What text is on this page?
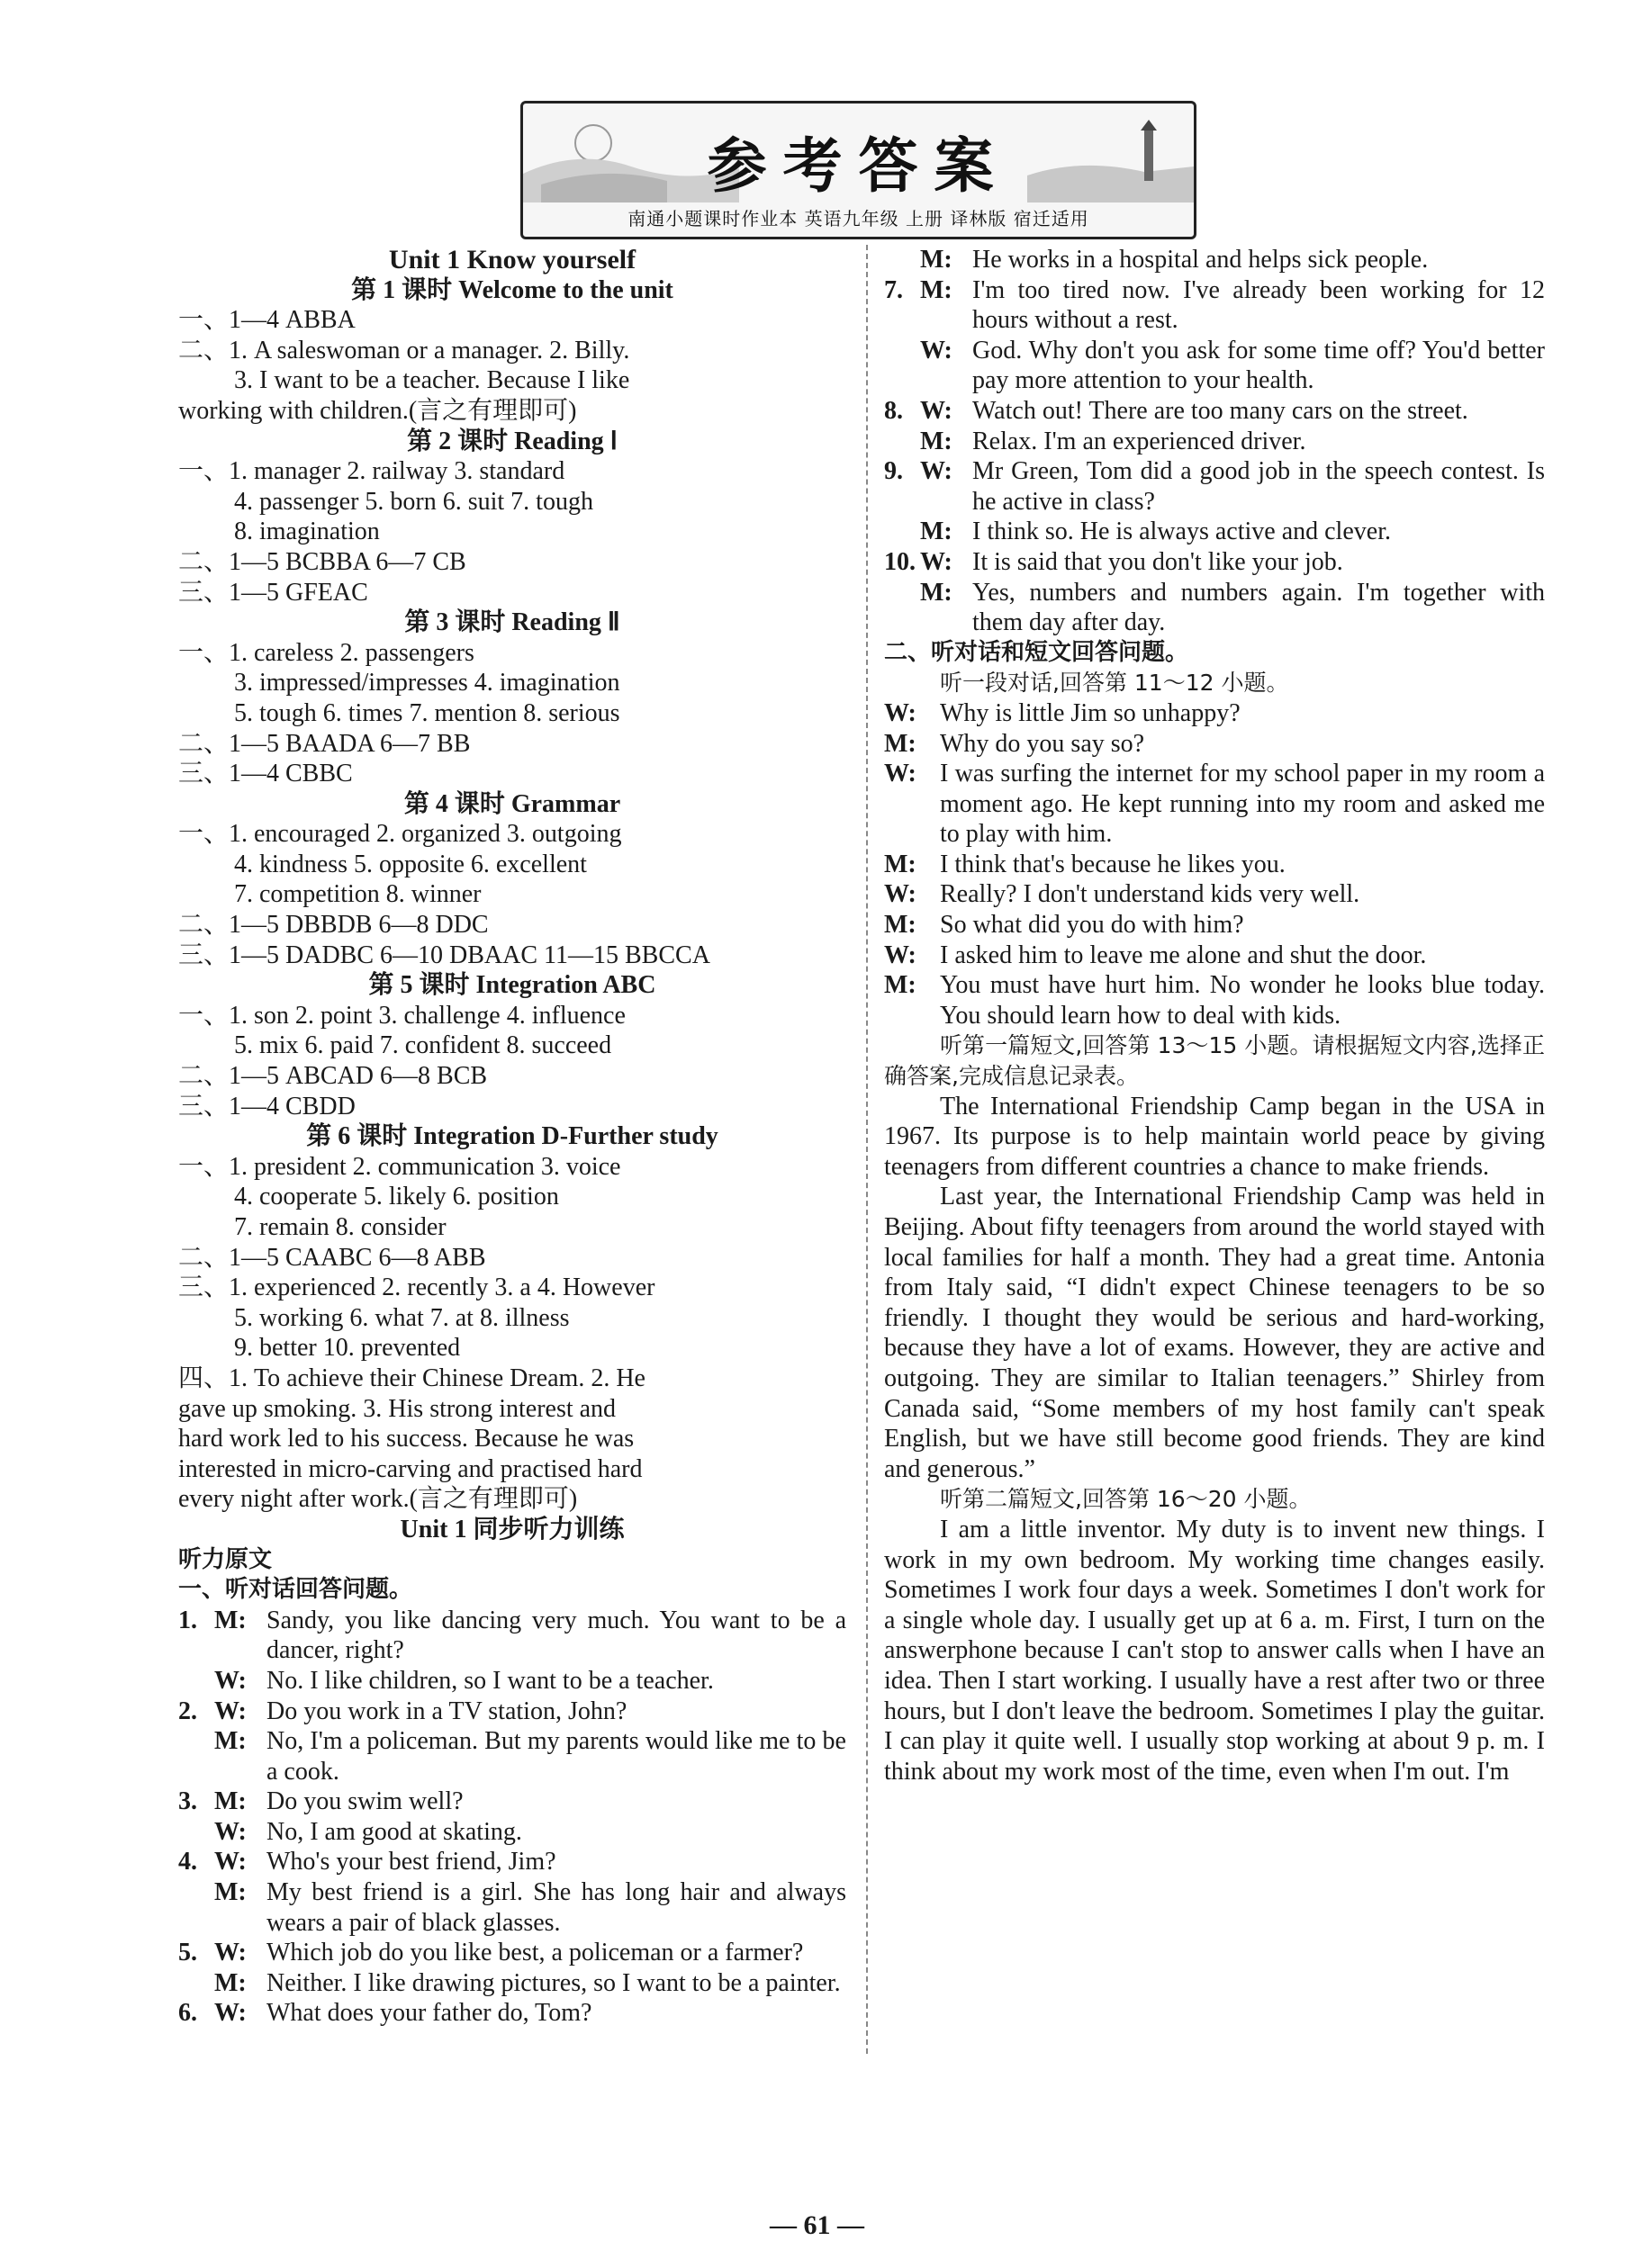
参考答案
南通小题课时作业本 英语九年级 上册 译林版 宿迁适用
Unit 1 Know yourself
第 1 课时 Welcome to the unit
一、1—4 ABBA
二、1. A saleswoman or a manager. 2. Billy.
3. I want to be a teacher. Because I like
working with children.(言之有理即可)
第 2 课时 Reading Ⅰ
一、1. manager 2. railway 3. standard
4. passenger 5. born 6. suit 7. tough
8. imagination
二、1—5 BCBBA 6—7 CB
三、1—5 GFEAC
第 3 课时 Reading Ⅱ
一、1. careless 2. passengers
3. impressed/impresses 4. imagination
5. tough 6. times 7. mention 8. serious
二、1—5 BAADA 6—7 BB
三、1—4 CBBC
第 4 课时 Grammar
一、1. encouraged 2. organized 3. outgoing
4. kindness 5. opposite 6. excellent
7. competition 8. winner
二、1—5 DBBDB 6—8 DDC
三、1—5 DADBC 6—10 DBAAC 11—15 BBCCA
第 5 课时 Integration ABC
一、1. son 2. point 3. challenge 4. influence
5. mix 6. paid 7. confident 8. succeed
二、1—5 ABCAD 6—8 BCB
三、1—4 CBDD
第 6 课时 Integration D-Further study
一、1. president 2. communication 3. voice
4. cooperate 5. likely 6. position
7. remain 8. consider
二、1—5 CAABC 6—8 ABB
三、1. experienced 2. recently 3. a 4. However
5. working 6. what 7. at 8. illness
9. better 10. prevented
四、1. To achieve their Chinese Dream. 2. He
gave up smoking. 3. His strong interest and
hard work led to his success. Because he was
interested in micro-carving and practised hard
every night after work.(言之有理即可)
Unit 1 同步听力训练
听力原文
一、听对话回答问题。
1. M: Sandy, you like dancing very much. You want to be a dancer, right?
W: No. I like children, so I want to be a teacher.
2. W: Do you work in a TV station, John?
M: No, I'm a policeman. But my parents would like me to be a cook.
3. M: Do you swim well?
W: No, I am good at skating.
4. W: Who's your best friend, Jim?
M: My best friend is a girl. She has long hair and always wears a pair of black glasses.
5. W: Which job do you like best, a policeman or a farmer?
M: Neither. I like drawing pictures, so I want to be a painter.
6. W: What does your father do, Tom?
M: He works in a hospital and helps sick people.
7. M: I'm too tired now. I've already been working for 12 hours without a rest.
W: God. Why don't you ask for some time off? You'd better pay more attention to your health.
8. W: Watch out! There are too many cars on the street.
M: Relax. I'm an experienced driver.
9. W: Mr Green, Tom did a good job in the speech contest. Is he active in class?
M: I think so. He is always active and clever.
10. W: It is said that you don't like your job.
M: Yes, numbers and numbers again. I'm together with them day after day.
二、听对话和短文回答问题。
听一段对话,回答第 11～12 小题。
W: Why is little Jim so unhappy?
M: Why do you say so?
W: I was surfing the internet for my school paper in my room a moment ago. He kept running into my room and asked me to play with him.
M: I think that's because he likes you.
W: Really? I don't understand kids very well.
M: So what did you do with him?
W: I asked him to leave me alone and shut the door.
M: You must have hurt him. No wonder he looks blue today. You should learn how to deal with kids.
听第一篇短文,回答第 13～15 小题。请根据短文内容,选择正确答案,完成信息记录表。
The International Friendship Camp began in the USA in 1967. Its purpose is to help maintain world peace by giving teenagers from different countries a chance to make friends.
Last year, the International Friendship Camp was held in Beijing. About fifty teenagers from around the world stayed with local families for half a month. They had a great time. Antonia from Italy said, “I didn't expect Chinese teenagers to be so friendly. I thought they would be serious and hard-working, because they have a lot of exams. However, they are active and outgoing. They are similar to Italian teenagers.” Shirley from Canada said, “Some members of my host family can't speak English, but we have still become good friends. They are kind and generous.”
听第二篇短文,回答第 16～20 小题。
I am a little inventor. My duty is to invent new things. I work in my own bedroom. My working time changes easily. Sometimes I work four days a week. Sometimes I don't work for a single whole day. I usually get up at 6 a. m. First, I turn on the answerphone because I can't stop to answer calls when I have an idea. Then I start working. I usually have a rest after two or three hours, but I don't leave the bedroom. Sometimes I play the guitar. I can play it quite well. I usually stop working at about 9 p. m. I think about my work most of the time, even when I'm out. I'm
— 61 —
